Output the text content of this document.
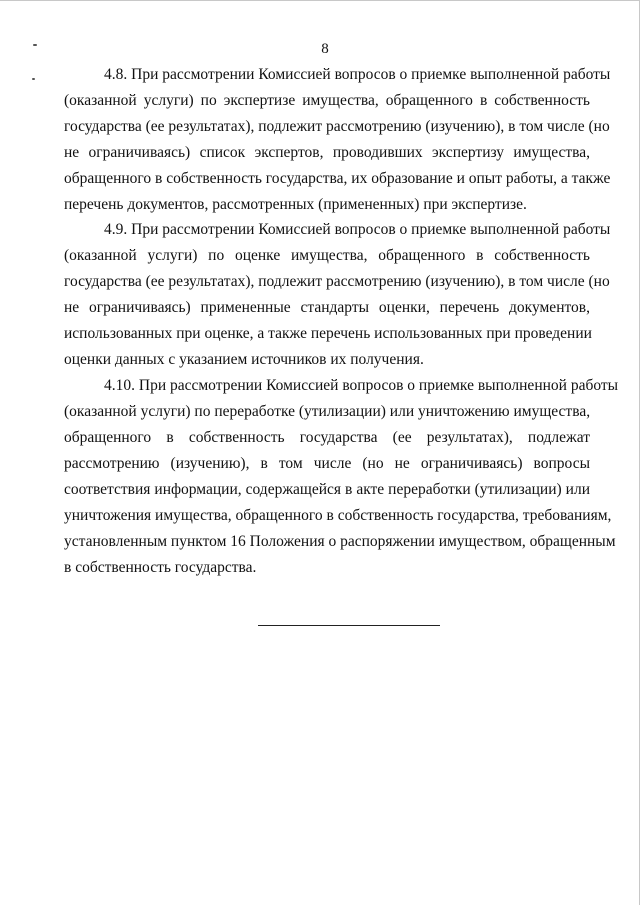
8
4.8. При рассмотрении Комиссией вопросов о приемке выполненной работы
(оказанной услуги) по экспертизе имущества, обращенного в собственность
государства (ее результатах), подлежит рассмотрению (изучению), в том числе (но
не ограничиваясь) список экспертов, проводивших экспертизу имущества,
обращенного в собственность государства, их образование и опыт работы, а также
перечень документов, рассмотренных (примененных) при экспертизе.
4.9. При рассмотрении Комиссией вопросов о приемке выполненной работы
(оказанной услуги) по оценке имущества, обращенного в собственность
государства (ее результатах), подлежит рассмотрению (изучению), в том числе (но
не ограничиваясь) примененные стандарты оценки, перечень документов,
использованных при оценке, а также перечень использованных при проведении
оценки данных с указанием источников их получения.
4.10. При рассмотрении Комиссией вопросов о приемке выполненной работы
(оказанной услуги) по переработке (утилизации) или уничтожению имущества,
обращенного в собственность государства (ее результатах), подлежат
рассмотрению (изучению), в том числе (но не ограничиваясь) вопросы
соответствия информации, содержащейся в акте переработки (утилизации) или
уничтожения имущества, обращенного в собственность государства, требованиям,
установленным пунктом 16 Положения о распоряжении имуществом, обращенным
в собственность государства.
